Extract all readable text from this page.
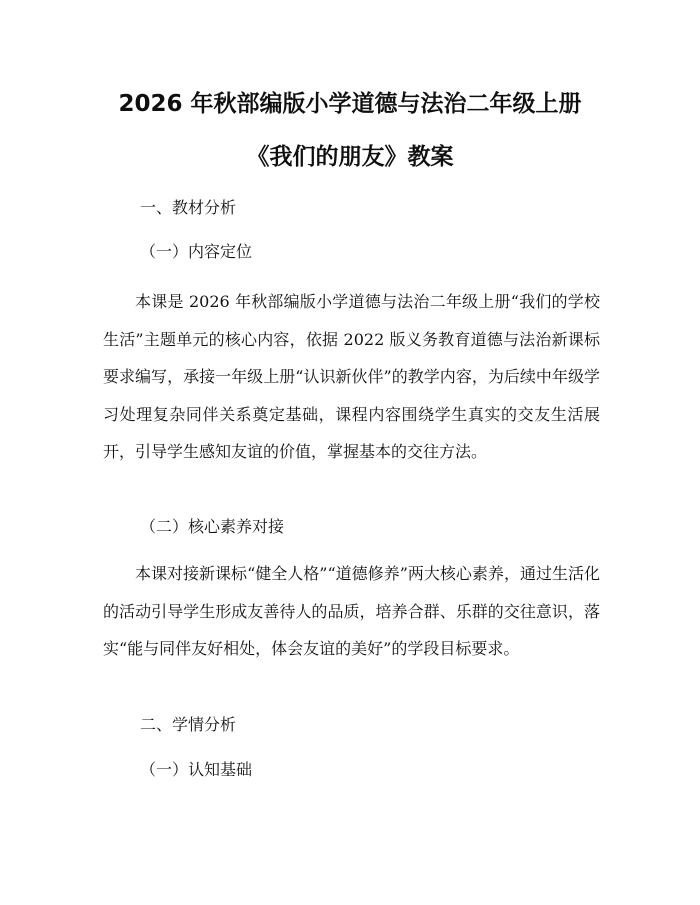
2026 年秋部编版小学道德与法治二年级上册
《我们的朋友》教案

一、教材分析

（一）内容定位

本课是 2026 年秋部编版小学道德与法治二年级上册“我们的学校生活”主题单元的核心内容，依据 2022 版义务教育道德与法治新课标要求编写，承接一年级上册“认识新伙伴”的教学内容，为后续中年级学习处理复杂同伴关系奠定基础，课程内容围绕学生真实的交友生活展开，引导学生感知友谊的价值，掌握基本的交往方法。

（二）核心素养对接

本课对接新课标“健全人格”“道德修养”两大核心素养，通过生活化的活动引导学生形成友善待人的品质，培养合群、乐群的交往意识，落实“能与同伴友好相处，体会友谊的美好”的学段目标要求。

二、学情分析

（一）认知基础
